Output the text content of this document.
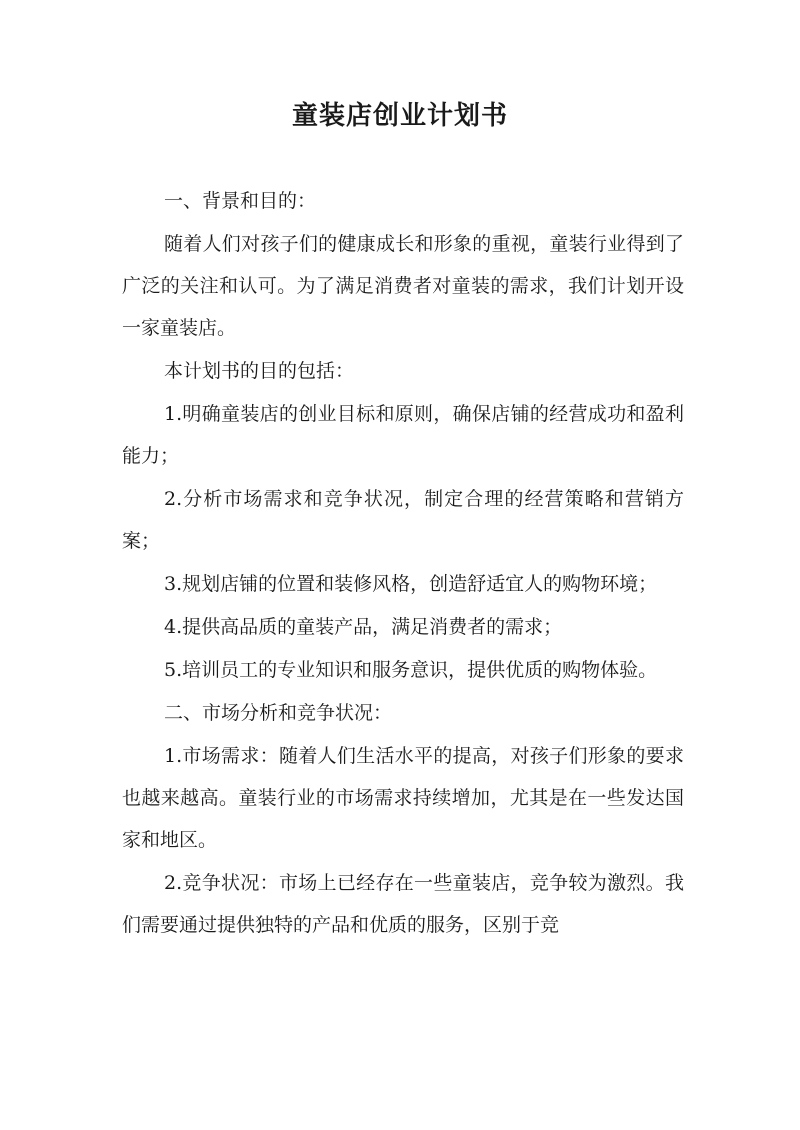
童装店创业计划书

一、背景和目的：

随着人们对孩子们的健康成长和形象的重视，童装行业得到了广泛的关注和认可。为了满足消费者对童装的需求，我们计划开设一家童装店。

本计划书的目的包括：

1.明确童装店的创业目标和原则，确保店铺的经营成功和盈利能力；

2.分析市场需求和竞争状况，制定合理的经营策略和营销方案；

3.规划店铺的位置和装修风格，创造舒适宜人的购物环境；

4.提供高品质的童装产品，满足消费者的需求；

5.培训员工的专业知识和服务意识，提供优质的购物体验。

二、市场分析和竞争状况：

1.市场需求：随着人们生活水平的提高，对孩子们形象的要求也越来越高。童装行业的市场需求持续增加，尤其是在一些发达国家和地区。

2.竞争状况：市场上已经存在一些童装店，竞争较为激烈。我们需要通过提供独特的产品和优质的服务，区别于竞
